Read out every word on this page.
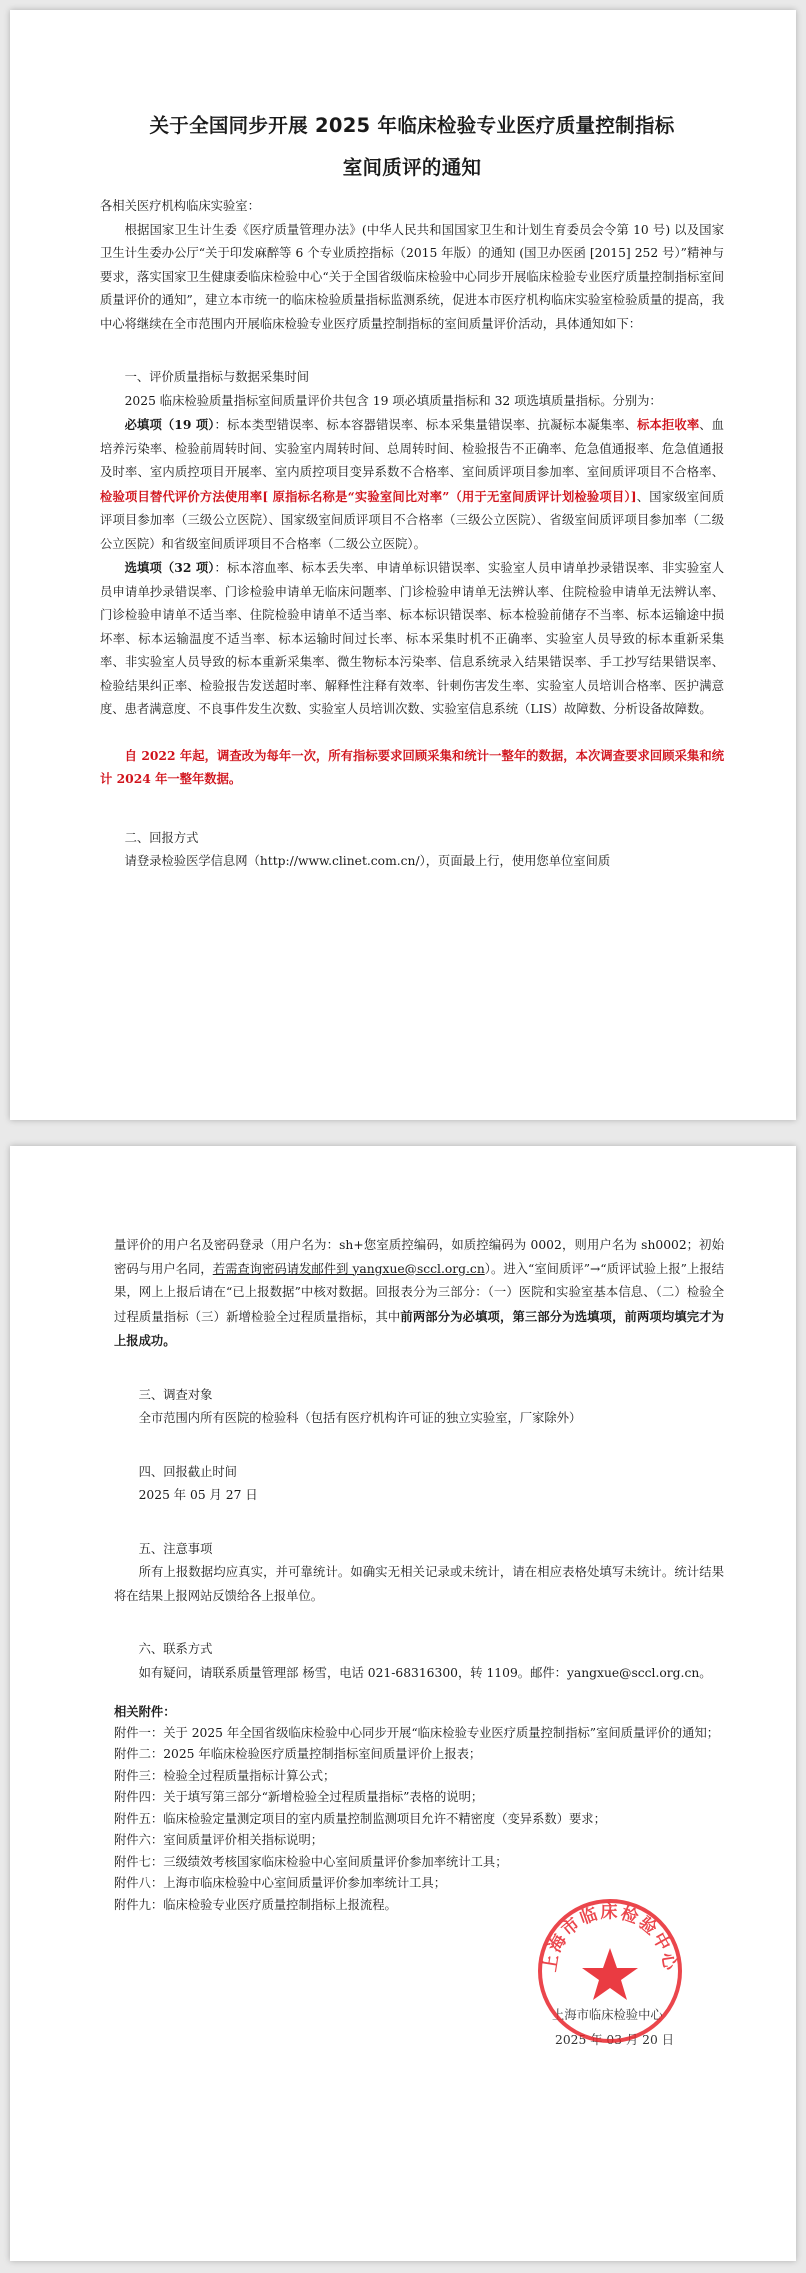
关于全国同步开展 2025 年临床检验专业医疗质量控制指标
室间质评的通知

各相关医疗机构临床实验室：

根据国家卫生计生委《医疗质量管理办法》(中华人民共和国国家卫生和计划生育委员会令第 10 号) 以及国家卫生计生委办公厅“关于印发麻醉等 6 个专业质控指标（2015 年版）的通知 (国卫办医函 [2015] 252 号）”精神与要求，落实国家卫生健康委临床检验中心“关于全国省级临床检验中心同步开展临床检验专业医疗质量控制指标室间质量评价的通知”，建立本市统一的临床检验质量指标监测系统，促进本市医疗机构临床实验室检验质量的提高，我中心将继续在全市范围内开展临床检验专业医疗质量控制指标的室间质量评价活动，具体通知如下：

一、评价质量指标与数据采集时间

2025 临床检验质量指标室间质量评价共包含 19 项必填质量指标和 32 项选填质量指标。分别为：

必填项（19 项）：标本类型错误率、标本容器错误率、标本采集量错误率、抗凝标本凝集率、标本拒收率、血培养污染率、检验前周转时间、实验室内周转时间、总周转时间、检验报告不正确率、危急值通报率、危急值通报及时率、室内质控项目开展率、室内质控项目变异系数不合格率、室间质评项目参加率、室间质评项目不合格率、检验项目替代评价方法使用率[ 原指标名称是“实验室间比对率”（用于无室间质评计划检验项目）]、国家级室间质评项目参加率（三级公立医院）、国家级室间质评项目不合格率（三级公立医院）、省级室间质评项目参加率（二级公立医院）和省级室间质评项目不合格率（二级公立医院）。

选填项（32 项）：标本溶血率、标本丢失率、申请单标识错误率、实验室人员申请单抄录错误率、非实验室人员申请单抄录错误率、门诊检验申请单无临床问题率、门诊检验申请单无法辨认率、住院检验申请单无法辨认率、门诊检验申请单不适当率、住院检验申请单不适当率、标本标识错误率、标本检验前储存不当率、标本运输途中损坏率、标本运输温度不适当率、标本运输时间过长率、标本采集时机不正确率、实验室人员导致的标本重新采集率、非实验室人员导致的标本重新采集率、微生物标本污染率、信息系统录入结果错误率、手工抄写结果错误率、检验结果纠正率、检验报告发送超时率、解释性注释有效率、针刺伤害发生率、实验室人员培训合格率、医护满意度、患者满意度、不良事件发生次数、实验室人员培训次数、实验室信息系统（LIS）故障数、分析设备故障数。

自 2022 年起，调查改为每年一次，所有指标要求回顾采集和统计一整年的数据，本次调查要求回顾采集和统计 2024 年一整年数据。

二、回报方式

请登录检验医学信息网（http://www.clinet.com.cn/），页面最上行，使用您单位室间质

量评价的用户名及密码登录（用户名为：sh+您室质控编码，如质控编码为 0002，则用户名为 sh0002；初始密码与用户名同，若需查询密码请发邮件到 yangxue@sccl.org.cn）。进入“室间质评”→“质评试验上报”上报结果，网上上报后请在“已上报数据”中核对数据。回报表分为三部分：（一）医院和实验室基本信息、（二）检验全过程质量指标（三）新增检验全过程质量指标，其中前两部分为必填项，第三部分为选填项，前两项均填完才为上报成功。

三、调查对象

全市范围内所有医院的检验科（包括有医疗机构许可证的独立实验室，厂家除外）

四、回报截止时间

2025 年 05 月 27 日

五、注意事项

所有上报数据均应真实，并可靠统计。如确实无相关记录或未统计，请在相应表格处填写未统计。统计结果将在结果上报网站反馈给各上报单位。

六、联系方式

如有疑问，请联系质量管理部 杨雪，电话 021-68316300，转 1109。邮件：yangxue@sccl.org.cn。

相关附件：

附件一：关于 2025 年全国省级临床检验中心同步开展“临床检验专业医疗质量控制指标”室间质量评价的通知；

附件二：2025 年临床检验医疗质量控制指标室间质量评价上报表；

附件三：检验全过程质量指标计算公式；

附件四：关于填写第三部分“新增检验全过程质量指标”表格的说明；

附件五：临床检验定量测定项目的室内质量控制监测项目允许不精密度（变异系数）要求；

附件六：室间质量评价相关指标说明；

附件七：三级绩效考核国家临床检验中心室间质量评价参加率统计工具；

附件八：上海市临床检验中心室间质量评价参加率统计工具；

附件九：临床检验专业医疗质量控制指标上报流程。

上海市临床检验中心
2025 年 03 月 20 日
上海市临床检验中心
